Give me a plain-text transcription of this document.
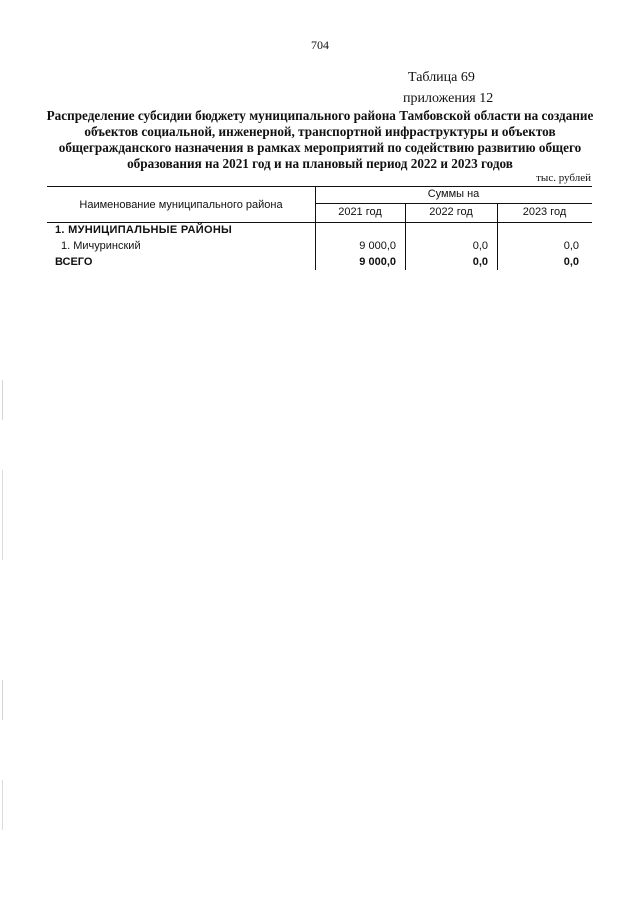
704
Таблица 69
приложения 12
Распределение субсидии бюджету муниципального района Тамбовской области на создание
объектов социальной, инженерной, транспортной инфраструктуры и объектов
общегражданского назначения в рамках мероприятий по содействию развитию общего
образования на 2021 год и на плановый период 2022 и 2023 годов
тыс. рублей
Наименование муниципального района
Суммы на
2021 год	2022 год	2023 год
1. МУНИЦИПАЛЬНЫЕ РАЙОНЫ
1. Мичуринский	9 000,0	0,0	0,0
ВСЕГО	9 000,0	0,0	0,0
